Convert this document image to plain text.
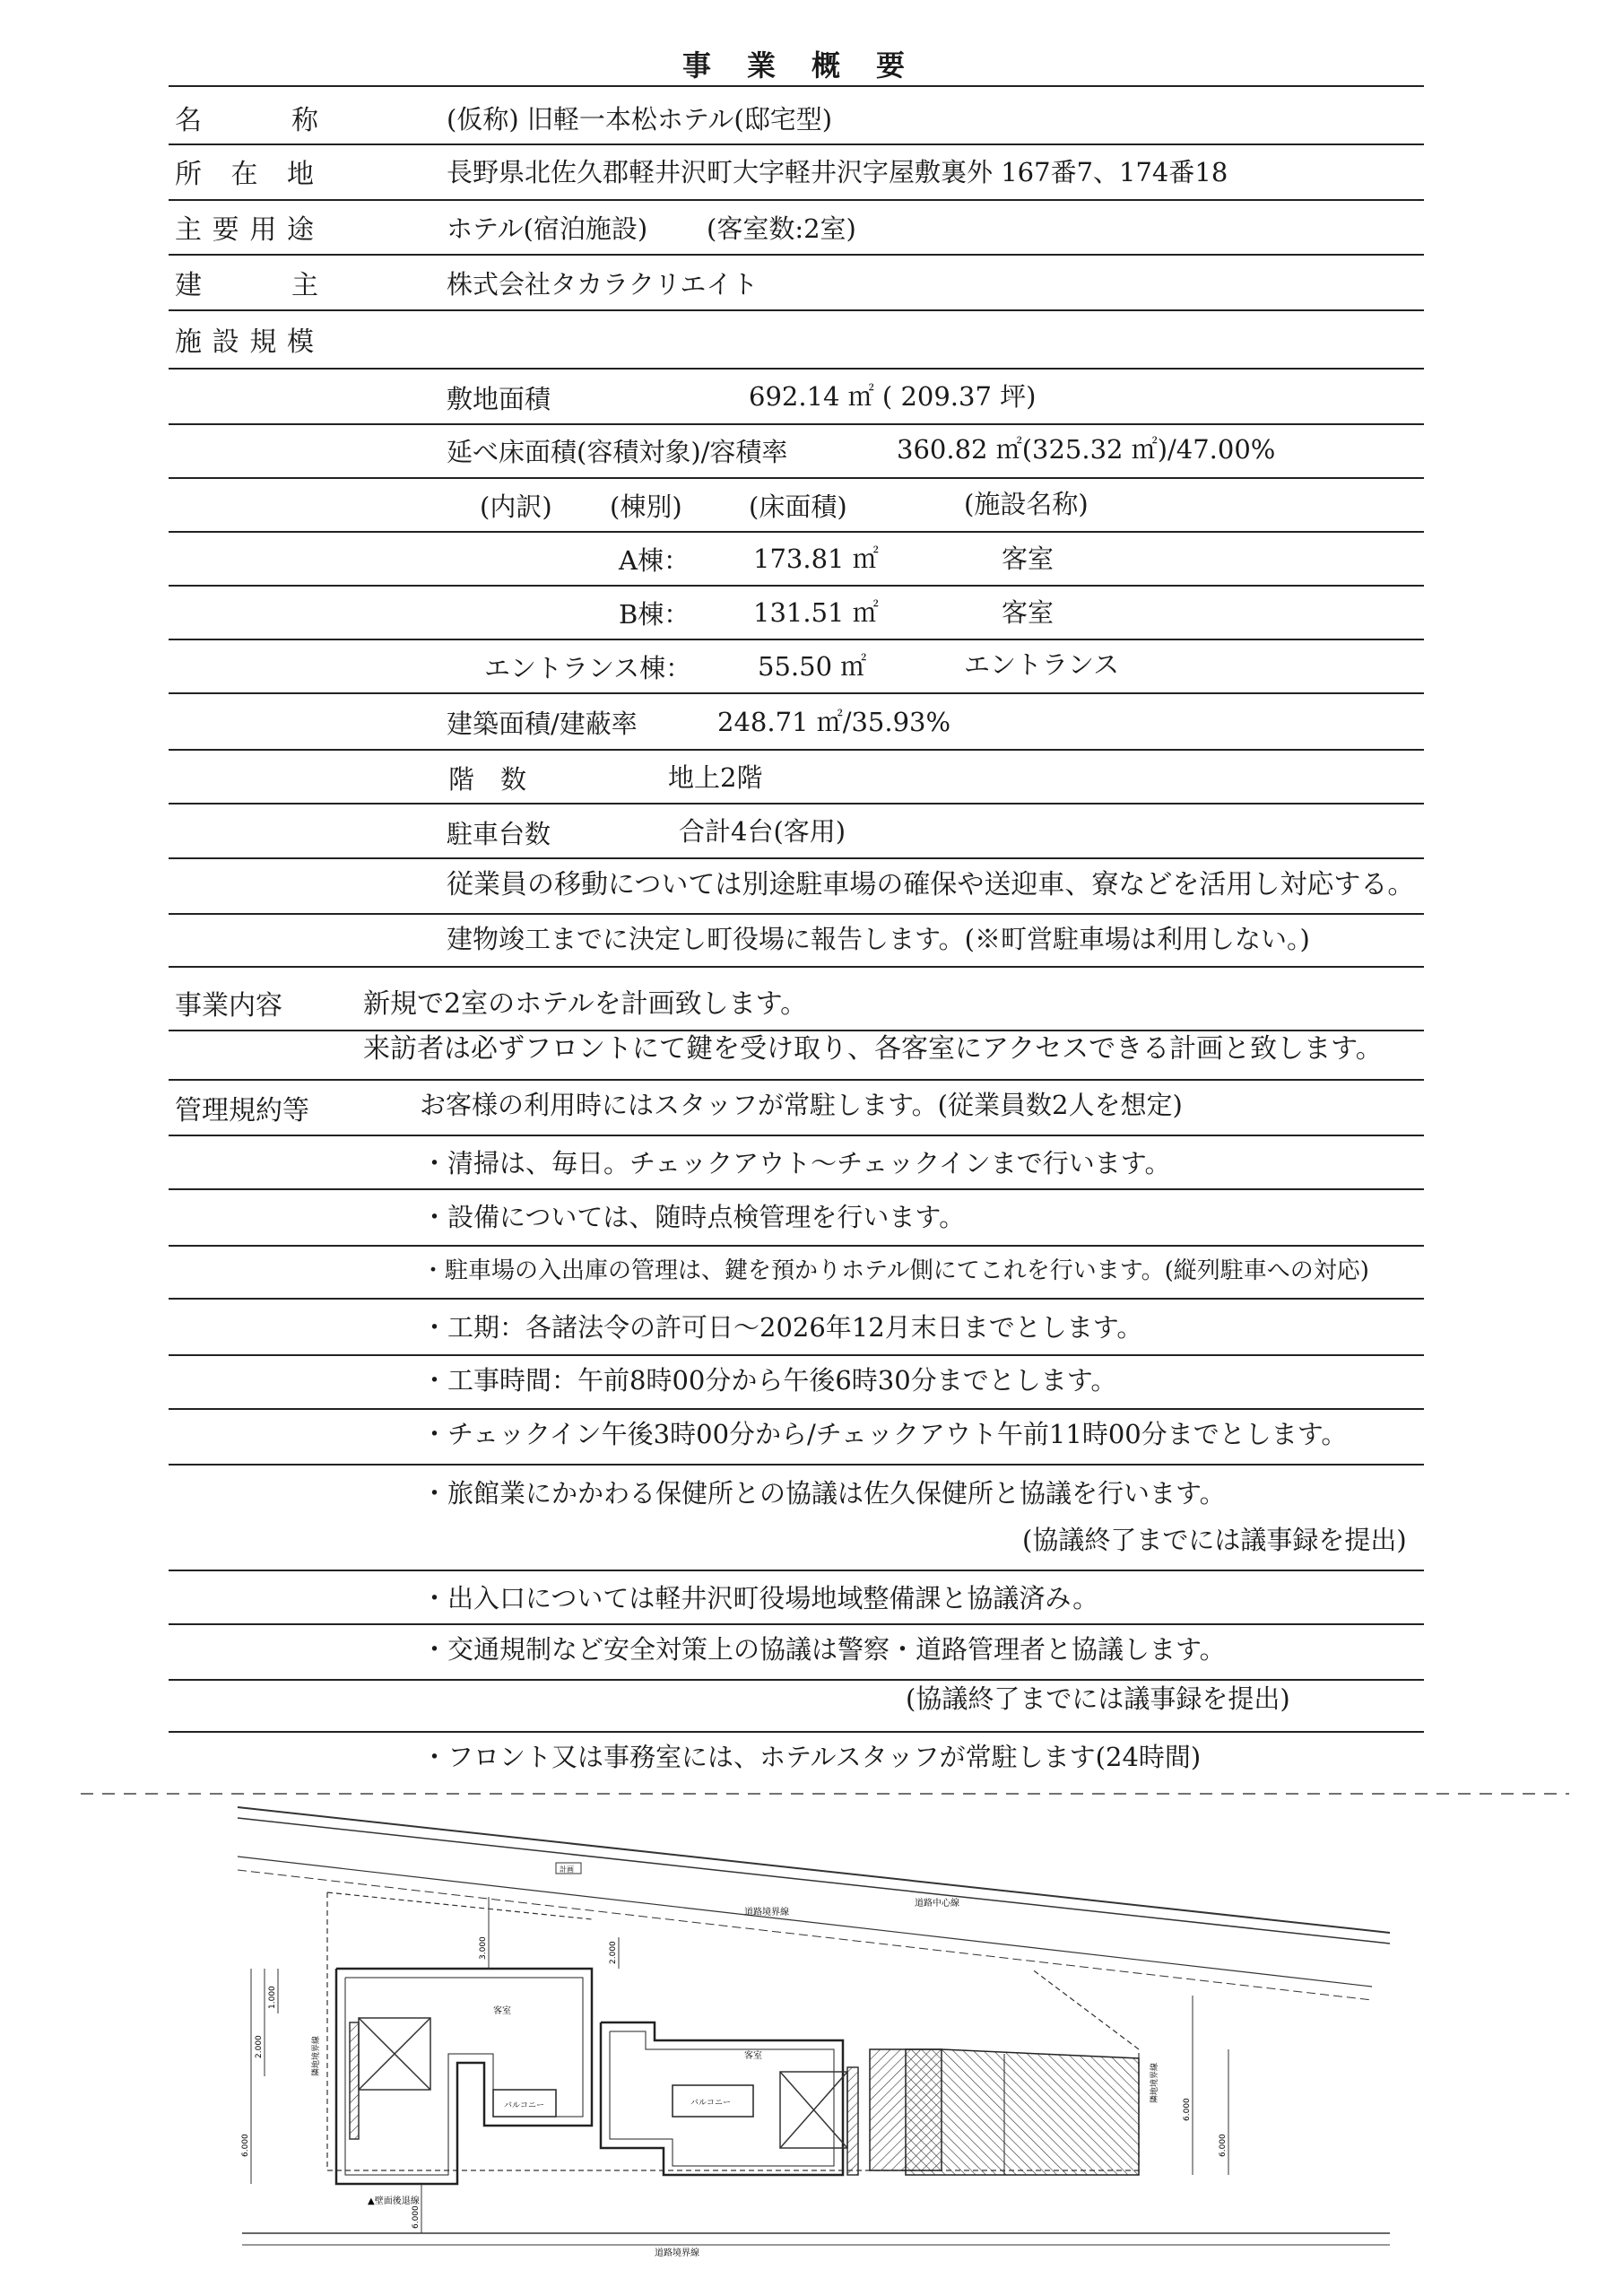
事業概要
名	称	(仮称) 旧軽一本松ホテル(邸宅型)
所 在 地	長野県北佐久郡軽井沢町大字軽井沢字屋敷裏外 167番7、174番18
主 要 用 途	ホテル(宿泊施設) (客室数:2室)
建	主	株式会社タカラクリエイト
施 設 規 模
敷地面積	692.14 ㎡ ( 209.37 坪)
延べ床面積(容積対象)/容積率	360.82 ㎡(325.32 ㎡)/47.00%
(内訳) (棟別)	(床面積)	(施設名称)
A棟： 173.81 ㎡	客室
B棟： 131.51 ㎡	客室
エントランス棟：	55.50 ㎡	エントランス
建築面積/建蔽率	248.71 ㎡/35.93%
階　数	地上2階
駐車台数	合計4台(客用)
従業員の移動については別途駐車場の確保や送迎車、寮などを活用し対応する。
建物竣工までに決定し町役場に報告します。(※町営駐車場は利用しない。)
事業内容	新規で2室のホテルを計画致します。
来訪者は必ずフロントにて鍵を受け取り、各客室にアクセスできる計画と致します。
管理規約等	お客様の利用時にはスタッフが常駐します。(従業員数2人を想定)
・清掃は、毎日。チェックアウト～チェックインまで行います。
・設備については、随時点検管理を行います。
・駐車場の入出庫の管理は、鍵を預かりホテル側にてこれを行います。(縦列駐車への対応)
・工期：各諸法令の許可日～2026年12月末日までとします。
・工事時間：午前8時00分から午後6時30分までとします。
・チェックイン午後3時00分から/チェックアウト午前11時00分までとします。
・旅館業にかかわる保健所との協議は佐久保健所と協議を行います。
(協議終了までには議事録を提出)
・出入口については軽井沢町役場地域整備課と協議済み。
・交通規制など安全対策上の協議は警察・道路管理者と協議します。
(協議終了までには議事録を提出)
・フロント又は事務室には、ホテルスタッフが常駐します(24時間)
計画
道路中心線
道路境界線
道路境界線
客室
客室
バルコニー	バルコニー
▲壁面後退線
隣地境界線
隣地境界線
6.000
2.000
1.000
3.000	2.000
6.000
6.000
6.000
